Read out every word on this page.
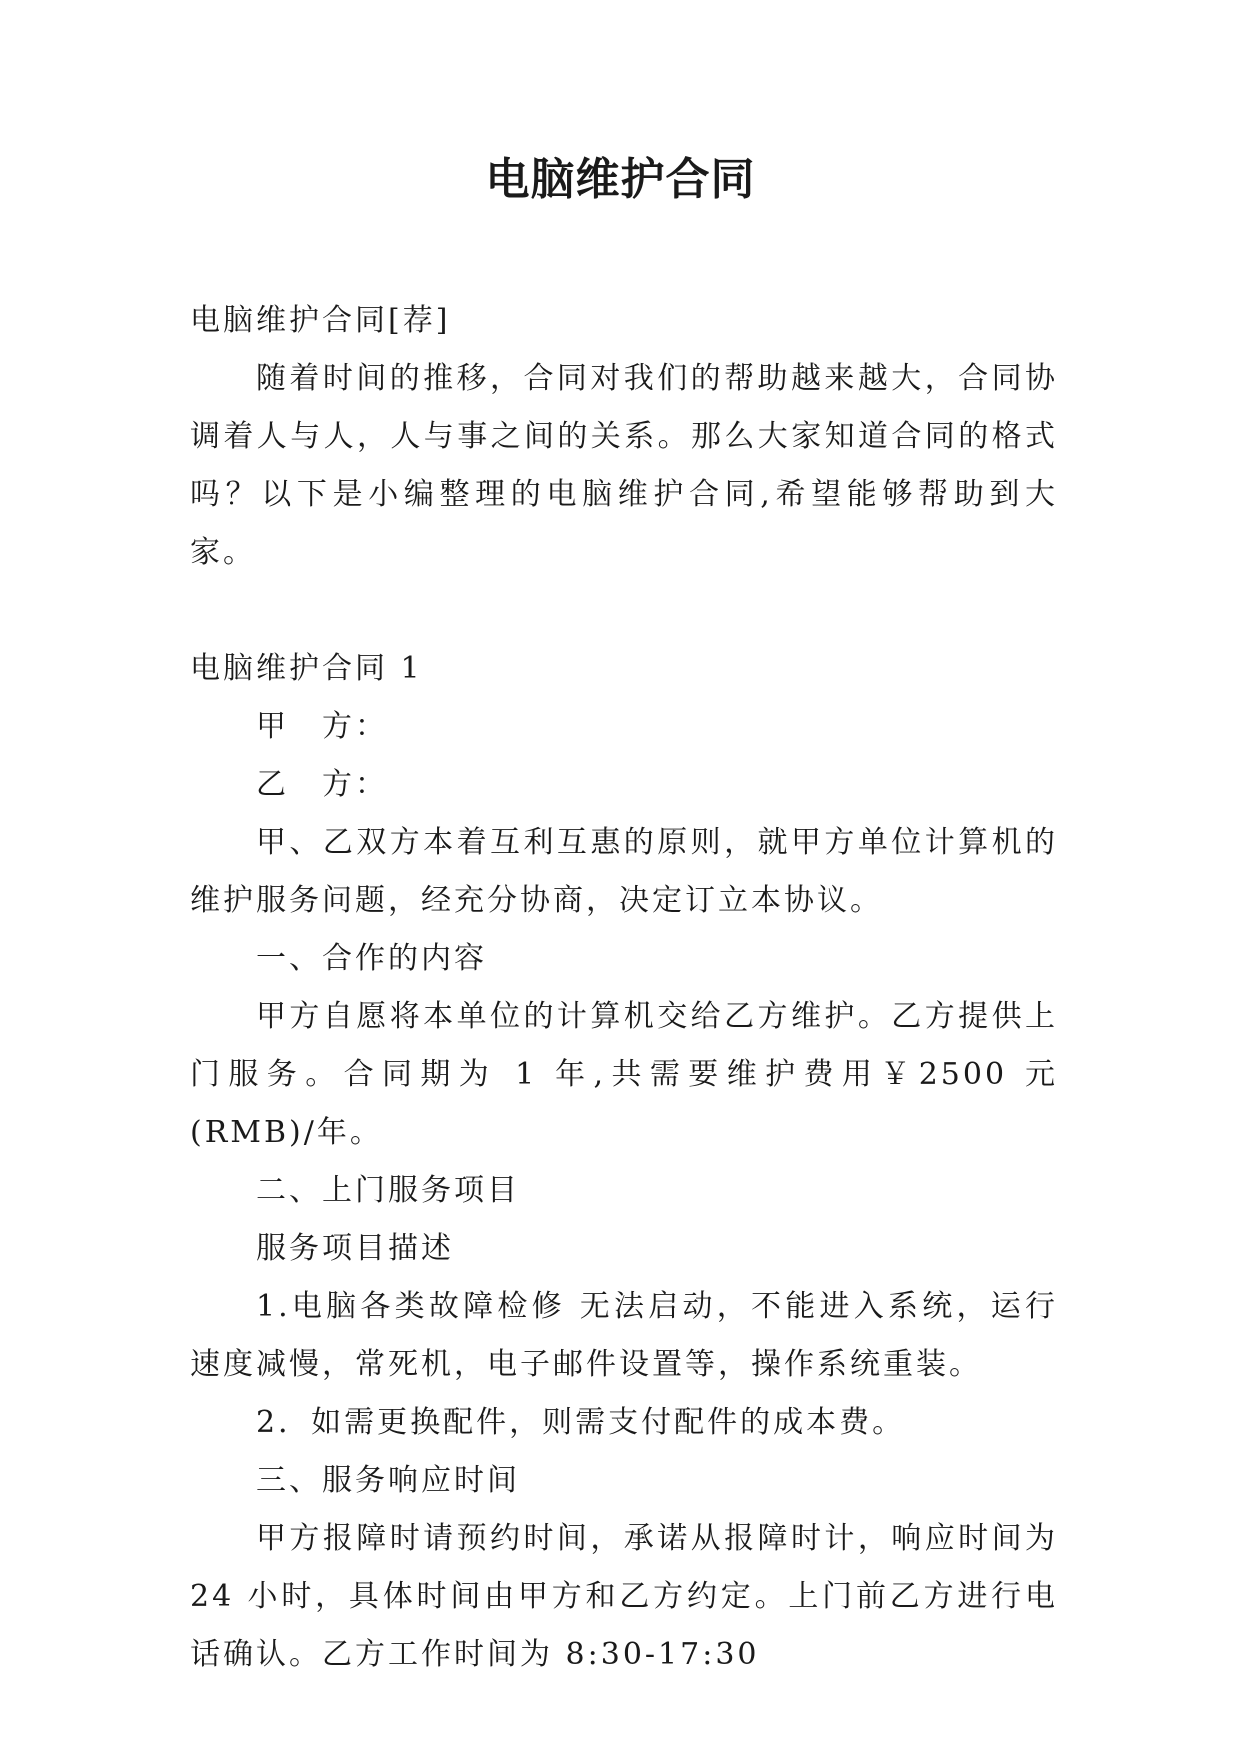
电脑维护合同

电脑维护合同[荐]

随着时间的推移，合同对我们的帮助越来越大，合同协调着人与人，人与事之间的关系。那么大家知道合同的格式吗？以下是小编整理的电脑维护合同,希望能够帮助到大家。

电脑维护合同 1

甲　方：

乙　方：

甲、乙双方本着互利互惠的原则，就甲方单位计算机的维护服务问题，经充分协商，决定订立本协议。

一、合作的内容

甲方自愿将本单位的计算机交给乙方维护。乙方提供上门服务。合同期为 1 年,共需要维护费用￥2500 元(RMB)/年。

二、上门服务项目

服务项目描述

1.电脑各类故障检修 无法启动，不能进入系统，运行速度减慢，常死机，电子邮件设置等，操作系统重装。

2．如需更换配件，则需支付配件的成本费。

三、服务响应时间

甲方报障时请预约时间，承诺从报障时计，响应时间为 24 小时，具体时间由甲方和乙方约定。上门前乙方进行电话确认。乙方工作时间为 8:30-17:30
